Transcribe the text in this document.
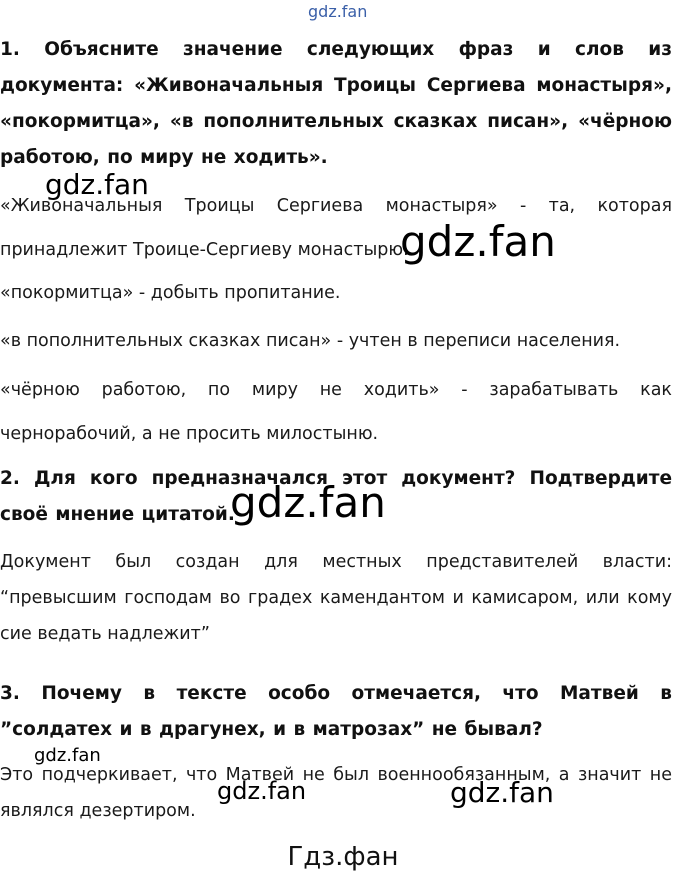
gdz.fan
1. Объясните значение следующих фраз и слов из документа: «Живоначальныя Троицы Сергиева монастыря», «покормитца», «в пополнительных сказках писан», «чёрною работою, по миру не ходить».
«Живоначальныя Троицы Сергиева монастыря» - та, которая принадлежит Троице-Сергиеву монастырю.
«покормитца» - добыть пропитание.
«в пополнительных сказках писан» - учтен в переписи населения.
«чёрною работою, по миру не ходить» - зарабатывать как чернорабочий, а не просить милостыню.
2. Для кого предназначался этот документ? Подтвердите своё мнение цитатой.
Документ был создан для местных представителей власти: “превысшим господам во градех камендантом и камисаром, или кому сие ведать надлежит”
3. Почему в тексте особо отмечается, что Матвей в ”солдатех и в драгунех, и в матрозах” не бывал?
Это подчеркивает, что Матвей не был военнообязанным, а значит не являлся дезертиром.
gdz.fan
gdz.fan
gdz.fan
gdz.fan
gdz.fan	gdz.fan
Гдз.фан
